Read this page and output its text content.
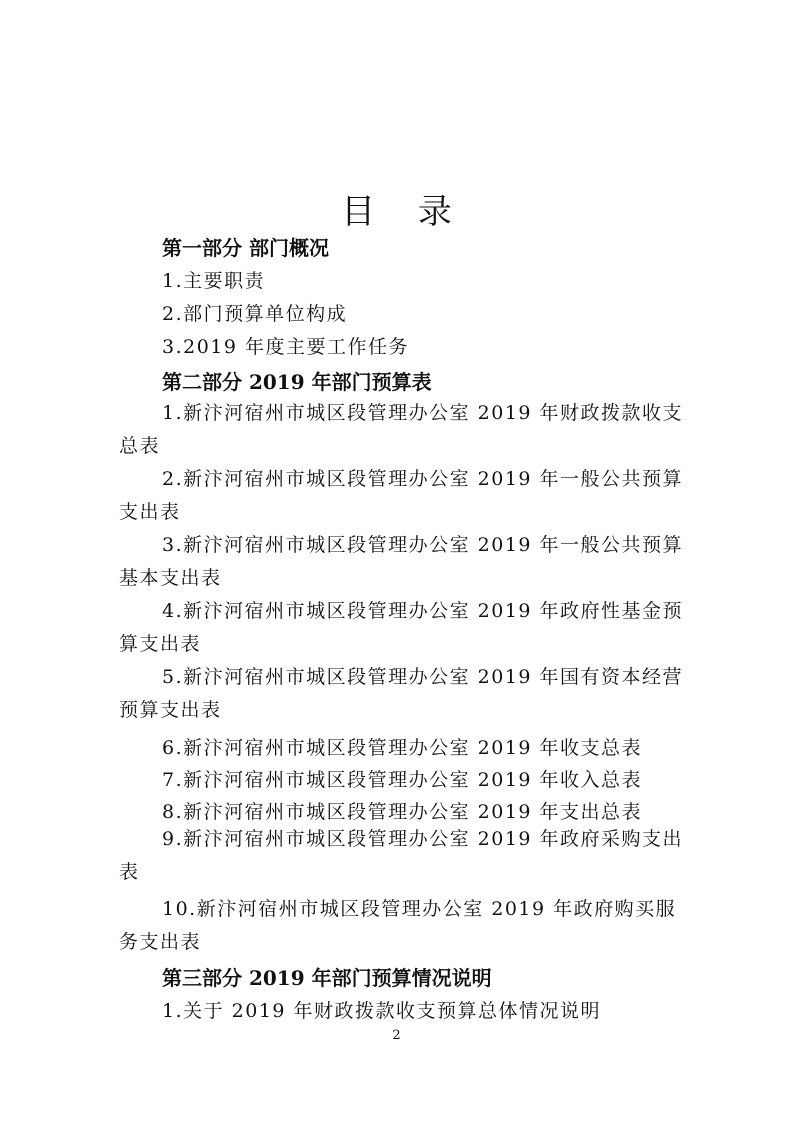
目 录
第一部分 部门概况
1.主要职责
2.部门预算单位构成
3.2019 年度主要工作任务
第二部分 2019 年部门预算表

1.新汴河宿州市城区段管理办公室 2019 年财政拨款收支总表

2.新汴河宿州市城区段管理办公室 2019 年一般公共预算支出表

3.新汴河宿州市城区段管理办公室 2019 年一般公共预算基本支出表

4.新汴河宿州市城区段管理办公室 2019 年政府性基金预算支出表

5.新汴河宿州市城区段管理办公室 2019 年国有资本经营预算支出表

6.新汴河宿州市城区段管理办公室 2019 年收支总表
7.新汴河宿州市城区段管理办公室 2019 年收入总表
8.新汴河宿州市城区段管理办公室 2019 年支出总表

9.新汴河宿州市城区段管理办公室 2019 年政府采购支出表

10.新汴河宿州市城区段管理办公室 2019 年政府购买服务支出表

第三部分 2019 年部门预算情况说明
1.关于 2019 年财政拨款收支预算总体情况说明
2
